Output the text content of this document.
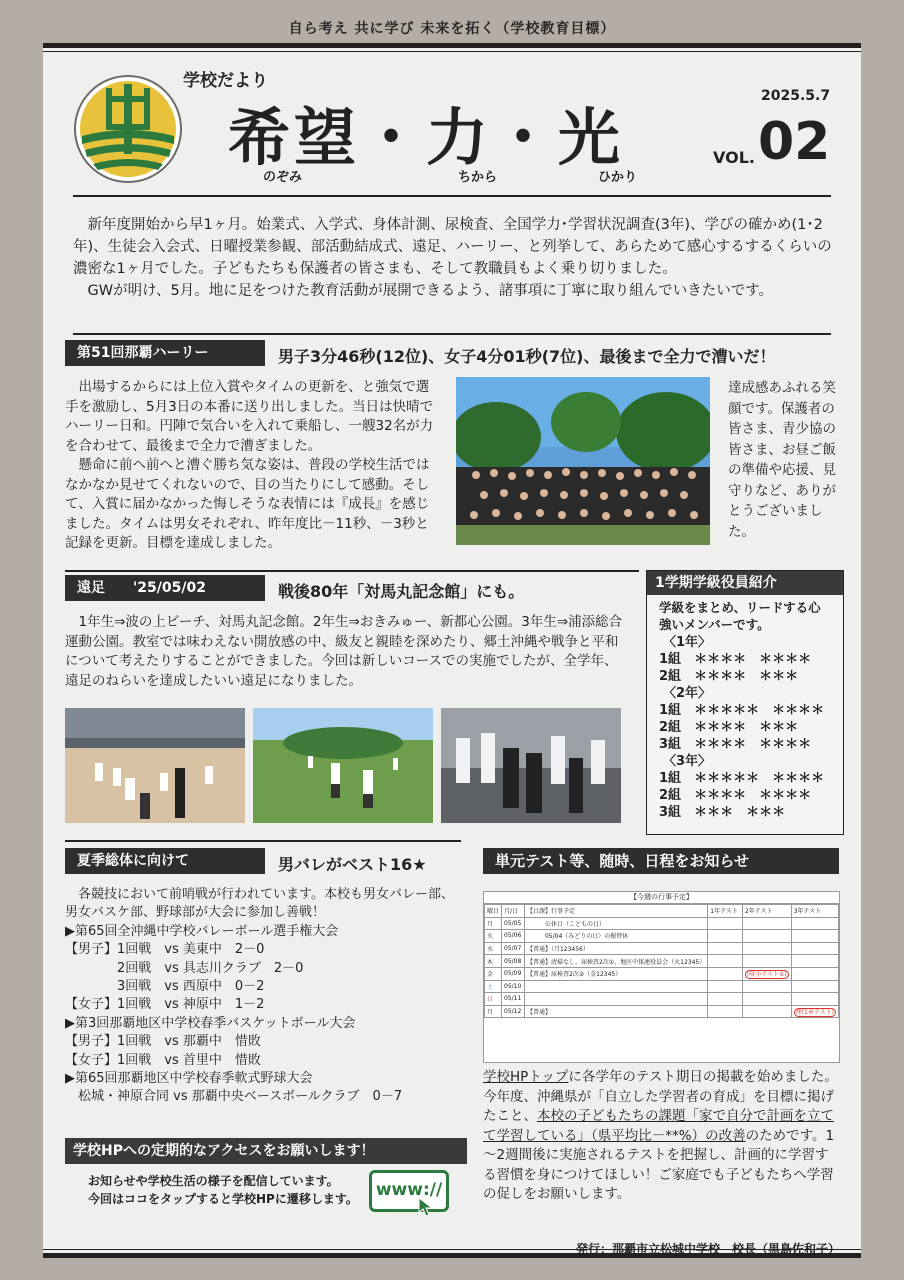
自ら考え 共に学び 未来を拓く（学校教育目標）
学校だより
希望・力・光
のぞみ	ちから	ひかり
2025.5.7
VOL. 02

新年度開始から早1ヶ月。始業式、入学式、身体計測、尿検査、全国学力･学習状況調査(3年)、学びの確かめ(1･2年)、生徒会入会式、日曜授業参観、部活動結成式、遠足、ハーリー、と列挙して、あらためて感心するするくらいの濃密な1ヶ月でした。子どもたちも保護者の皆さまも、そして教職員もよく乗り切りました。

GWが明け、5月。地に足をつけた教育活動が展開できるよう、諸事項に丁寧に取り組んでいきたいです。

第51回那覇ハーリー	男子3分46秒(12位)、女子4分01秒(7位)、最後まで全力で漕いだ！

出場するからには上位入賞やタイムの更新を、と強気で選手を激励し、5月3日の本番に送り出しました。当日は快晴でハーリー日和。円陣で気合いを入れて乗船し、一艘32名が力を合わせて、最後まで全力で漕ぎました。

懸命に前へ前へと漕ぐ勝ち気な姿は、普段の学校生活ではなかなか見せてくれないので、目の当たりにして感動。そして、入賞に届かなかった悔しそうな表情には『成長』を感じました。タイムは男女それぞれ、昨年度比－11秒、－3秒と記録を更新。目標を達成しました。

達成感あふれる笑顔です。保護者の皆さま、青少協の皆さま、お昼ご飯の準備や応援、見守りなど、ありがとうございました。
遠足　　'25/05/02	戦後80年「対馬丸記念館」にも。

1年生⇒波の上ビーチ、対馬丸記念館。2年生⇒おきみゅー、新都心公園。3年生⇒浦添総合運動公園。教室では味わえない開放感の中、級友と親睦を深めたり、郷土沖縄や戦争と平和について考えたりすることができました。今回は新しいコースでの実施でしたが、全学年、遠足のねらいを達成したいい遠足になりました。

1学期学級役員紹介
学級をまとめ、リードする心強いメンバーです。
〈1年〉
1組　 ＊＊＊＊　＊＊＊＊
2組　 ＊＊＊＊　＊＊＊
〈2年〉
1組　 ＊＊＊＊＊　＊＊＊＊
2組　 ＊＊＊＊　＊＊＊
3組　 ＊＊＊＊　＊＊＊＊
〈3年〉
1組　 ＊＊＊＊＊　＊＊＊＊
2組　 ＊＊＊＊　＊＊＊＊
3組　 ＊＊＊　＊＊＊
夏季総体に向けて	男バレがベスト16★
　各競技において前哨戦が行われています。本校も男女バレー部、男女バスケ部、野球部が大会に参加し善戦！
▶第65回全沖縄中学校バレーボール選手権大会
【男子】1回戦　vs 美東中　2－0
　　　　2回戦　vs 具志川クラブ　2－0
　　　　3回戦　vs 西原中　0－2
【女子】1回戦　vs 神原中　1－2
▶第3回那覇地区中学校春季バスケットボール大会
【男子】1回戦　vs 那覇中　惜敗
【女子】1回戦　vs 首里中　惜敗
▶第65回那覇地区中学校春季軟式野球大会
　松城・神原合同 vs 那覇中央ベースボールクラブ　0－7
単元テスト等、随時、日程をお知らせ
【今週の行事予定】
曜日	月/日	【日課】行事予定	1年テスト	2年テスト	3年テスト
月	05/05	　　　公休日（こどもの日）			
火	05/06	　　　05/04（みどりの日）の振替休			
水	05/07	【普通】（月123456）			
木	05/08	【普通】清掃なし、尿検査2次①、地区中体連役員会（火12345）			
金	05/09	【普通】尿検査2次②（金12345）		国(小テスト①)	
土	05/10				
日	05/11				
月	05/12	【普通】			理(1章テスト)
学校HPトップに各学年のテスト期日の掲載を始めました。今年度、沖縄県が「自立した学習者の育成」を目標に掲げたこと、本校の子どもたちの課題「家で自分で計画を立てて学習している」（県平均比－**%）の改善のためです。1～2週間後に実施されるテストを把握し、計画的に学習する習慣を身につけてほしい！ご家庭でも子どもたちへ学習の促しをお願いします。
学校HPへの定期的なアクセスをお願いします！
お知らせや学校生活の様子を配信しています。
今回はココをタップすると学校HPに遷移します。	www://
発行：那覇市立松城中学校　校長（黒島佐和子）
